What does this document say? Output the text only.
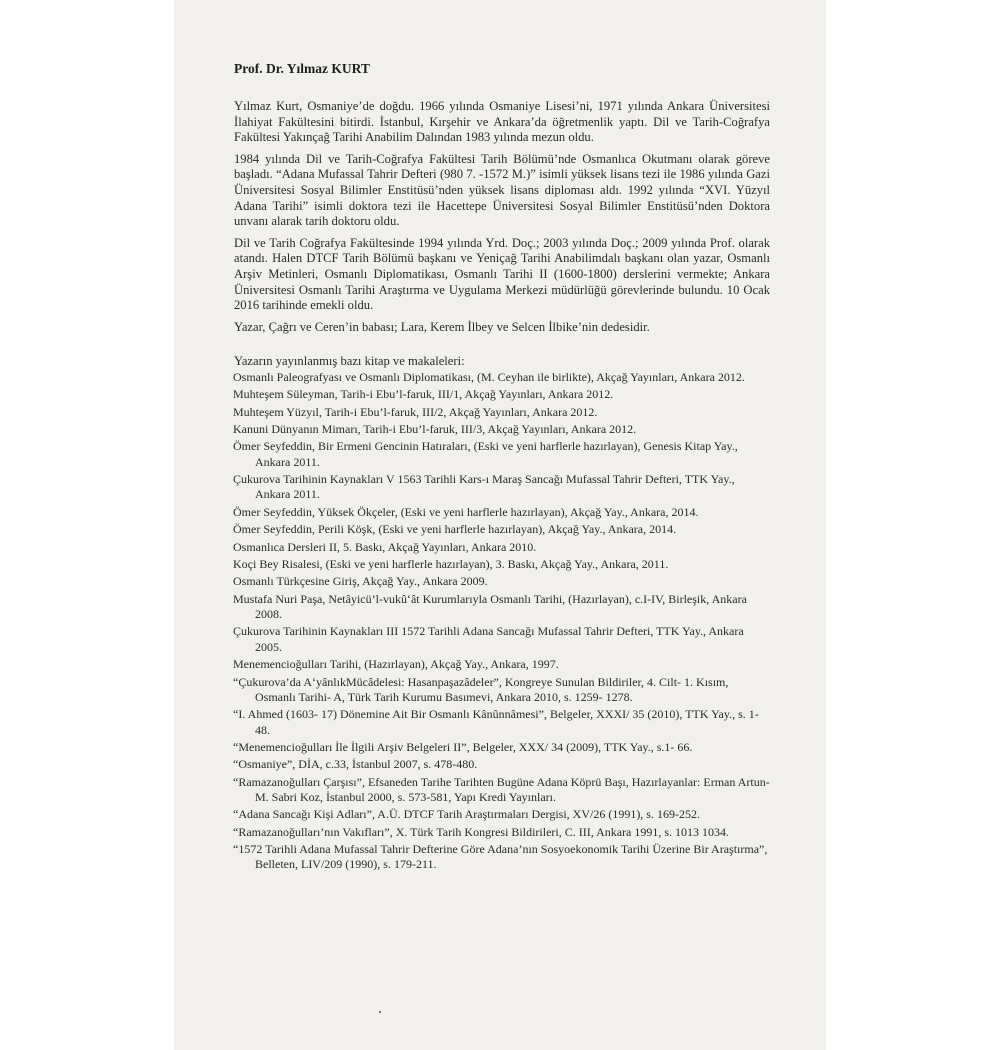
Prof. Dr. Yılmaz KURT

Yılmaz Kurt, Osmaniye’de doğdu. 1966 yılında Osmaniye Lisesi’ni, 1971 yılında Ankara Üniversitesi İlahiyat Fakültesini bitirdi. İstanbul, Kırşehir ve Ankara’da öğretmenlik yaptı. Dil ve Tarih-Coğrafya Fakültesi Yakınçağ Tarihi Anabilim Dalından 1983 yılında mezun oldu.

1984 yılında Dil ve Tarih-Coğrafya Fakültesi Tarih Bölümü’nde Osmanlıca Okutmanı olarak göreve başladı. “Adana Mufassal Tahrir Defteri (980 7. -1572 M.)” isimli yüksek lisans tezi ile 1986 yılında Gazi Üniversitesi Sosyal Bilimler Enstitüsü’nden yüksek lisans diploması aldı. 1992 yılında “XVI. Yüzyıl Adana Tarihi” isimli doktora tezi ile Hacettepe Üniversitesi Sosyal Bilimler Enstitüsü’nden Doktora unvanı alarak tarih doktoru oldu.

Dil ve Tarih Coğrafya Fakültesinde 1994 yılında Yrd. Doç.; 2003 yılında Doç.; 2009 yılında Prof. olarak atandı. Halen DTCF Tarih Bölümü başkanı ve Yeniçağ Tarihi Anabilimdalı başkanı olan yazar, Osmanlı Arşiv Metinleri, Osmanlı Diplomatikası, Osmanlı Tarihi II (1600-1800) derslerini vermekte; Ankara Üniversitesi Osmanlı Tarihi Araştırma ve Uygulama Merkezi müdürlüğü görevlerinde bulundu. 10 Ocak 2016 tarihinde emekli oldu.

Yazar, Çağrı ve Ceren’in babası; Lara, Kerem İlbey ve Selcen İlbike’nin dedesidir.

Yazarın yayınlanmış bazı kitap ve makaleleri:

Osmanlı Paleografyası ve Osmanlı Diplomatikası, (M. Ceyhan ile birlikte), Akçağ Yayınları, Ankara 2012.
Muhteşem Süleyman, Tarih-i Ebu’l-faruk, III/1, Akçağ Yayınları, Ankara 2012.
Muhteşem Yüzyıl, Tarih-i Ebu’l-faruk, III/2, Akçağ Yayınları, Ankara 2012.
Kanuni Dünyanın Mimarı, Tarih-i Ebu’l-faruk, III/3, Akçağ Yayınları, Ankara 2012.
Ömer Seyfeddin, Bir Ermeni Gencinin Hatıraları, (Eski ve yeni harflerle hazırlayan), Genesis Kitap Yay., Ankara 2011.
Çukurova Tarihinin Kaynakları V 1563 Tarihli Kars-ı Maraş Sancağı Mufassal Tahrir Defteri, TTK Yay., Ankara 2011.
Ömer Seyfeddin, Yüksek Ökçeler, (Eski ve yeni harflerle hazırlayan), Akçağ Yay., Ankara, 2014.
Ömer Seyfeddin, Perili Köşk, (Eski ve yeni harflerle hazırlayan), Akçağ Yay., Ankara, 2014.
Osmanlıca Dersleri II, 5. Baskı, Akçağ Yayınları, Ankara 2010.
Koçi Bey Risalesi, (Eski ve yeni harflerle hazırlayan), 3. Baskı, Akçağ Yay., Ankara, 2011.
Osmanlı Türkçesine Giriş, Akçağ Yay., Ankara 2009.
Mustafa Nuri Paşa, Netâyicü’l-vukû‘ât Kurumlarıyla Osmanlı Tarihi, (Hazırlayan), c.I-IV, Birleşik, Ankara 2008.
Çukurova Tarihinin Kaynakları III 1572 Tarihli Adana Sancağı Mufassal Tahrir Defteri, TTK Yay., Ankara 2005.
Menemencioğulları Tarihi, (Hazırlayan), Akçağ Yay., Ankara, 1997.
“Çukurova’da A‘yânlıkMücâdelesi: Hasanpaşazâdeler”, Kongreye Sunulan Bildiriler, 4. Cilt- 1. Kısım, Osmanlı Tarihi- A, Türk Tarih Kurumu Basımevi, Ankara 2010, s. 1259- 1278.
“I. Ahmed (1603- 17) Dönemine Ait Bir Osmanlı Kânûnnâmesi”, Belgeler, XXXI/ 35 (2010), TTK Yay., s. 1- 48.
“Menemencioğulları İle İlgili Arşiv Belgeleri II”, Belgeler, XXX/ 34 (2009), TTK Yay., s.1- 66.
“Osmaniye”, DİA, c.33, İstanbul 2007, s. 478-480.
“Ramazanoğulları Çarşısı”, Efsaneden Tarihe Tarihten Bugüne Adana Köprü Başı, Hazırlayanlar: Erman Artun-M. Sabri Koz, İstanbul 2000, s. 573-581, Yapı Kredi Yayınları.
“Adana Sancağı Kişi Adları”, A.Ü. DTCF Tarih Araştırmaları Dergisi, XV/26 (1991), s. 169-252.
“Ramazanoğulları’nın Vakıfları”, X. Türk Tarih Kongresi Bildirileri, C. III, Ankara 1991, s. 1013 1034.
“1572 Tarihli Adana Mufassal Tahrir Defterine Göre Adana’nın Sosyoekonomik Tarihi Üzerine Bir Araştırma”, Belleten, LIV/209 (1990), s. 179-211.
